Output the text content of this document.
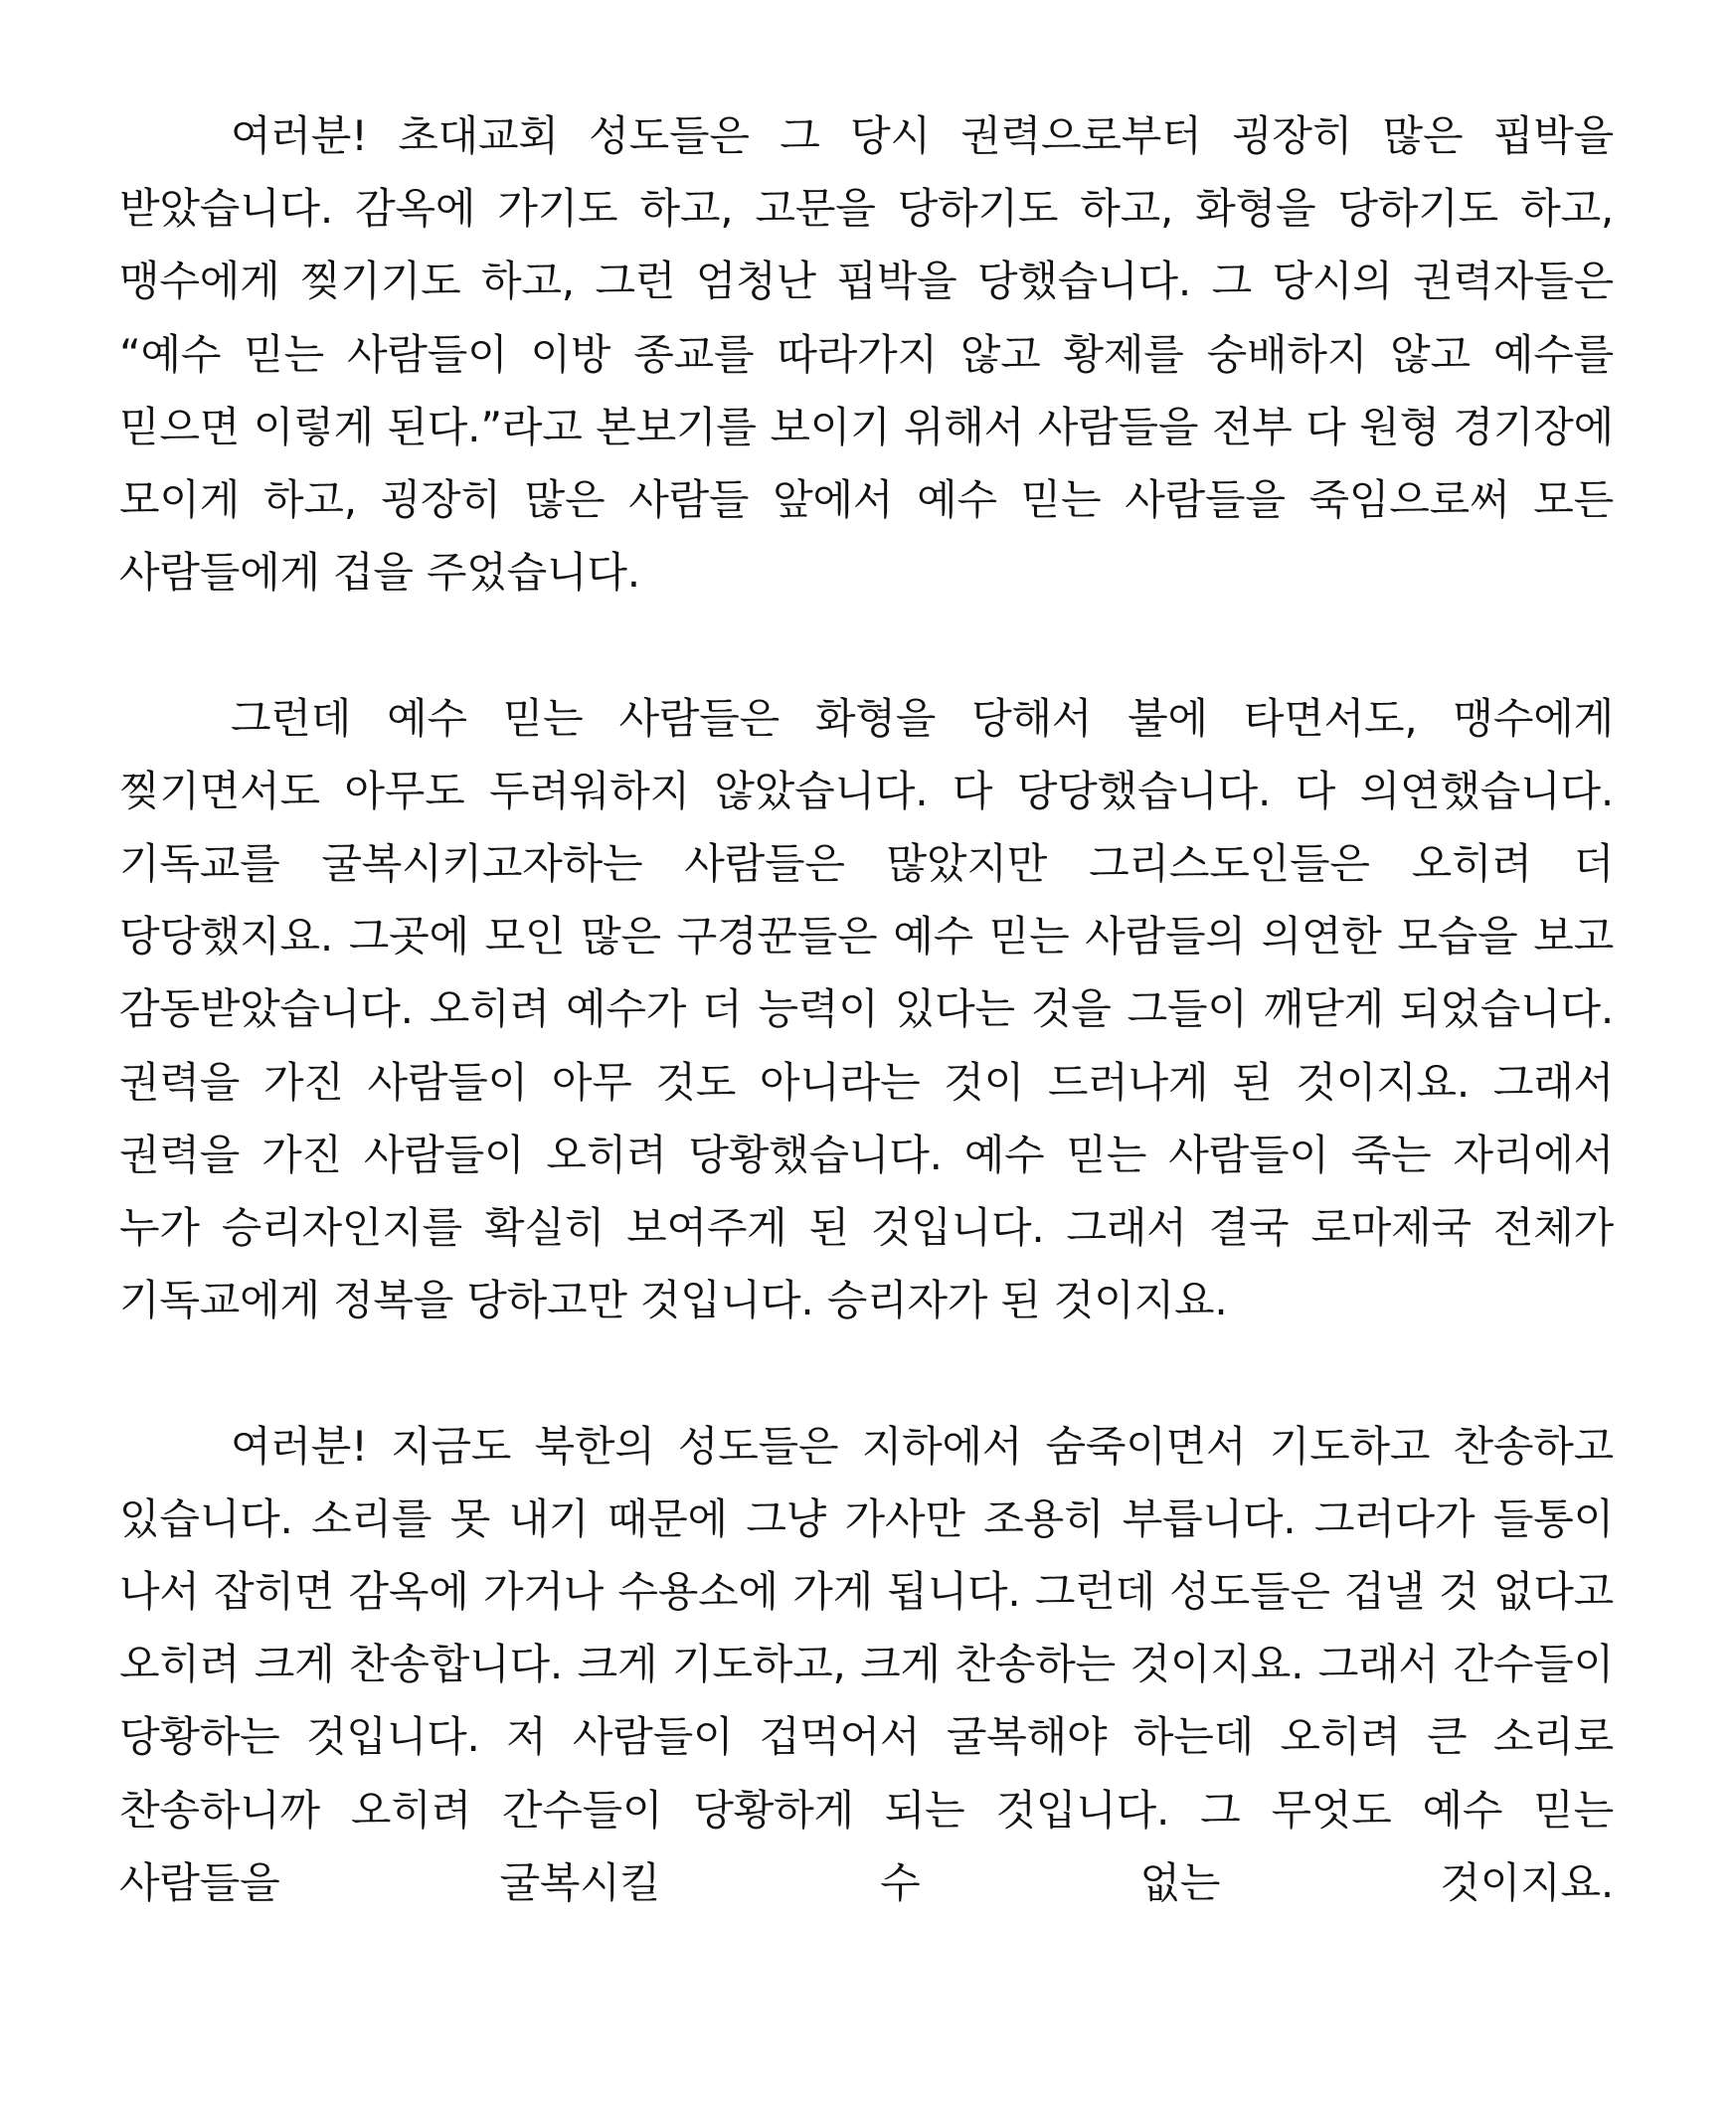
여러분! 초대교회 성도들은 그 당시 권력으로부터 굉장히 많은 핍박을 받았습니다. 감옥에 가기도 하고, 고문을 당하기도 하고, 화형을 당하기도 하고, 맹수에게 찢기기도 하고, 그런 엄청난 핍박을 당했습니다. 그 당시의 권력자들은 “예수 믿는 사람들이 이방 종교를 따라가지 않고 황제를 숭배하지 않고 예수를 믿으면 이렇게 된다.”라고 본보기를 보이기 위해서 사람들을 전부 다 원형 경기장에 모이게 하고, 굉장히 많은 사람들 앞에서 예수 믿는 사람들을 죽임으로써 모든 사람들에게 겁을 주었습니다.

그런데 예수 믿는 사람들은 화형을 당해서 불에 타면서도, 맹수에게 찢기면서도 아무도 두려워하지 않았습니다. 다 당당했습니다. 다 의연했습니다. 기독교를 굴복시키고자하는 사람들은 많았지만 그리스도인들은 오히려 더 당당했지요. 그곳에 모인 많은 구경꾼들은 예수 믿는 사람들의 의연한 모습을 보고 감동받았습니다. 오히려 예수가 더 능력이 있다는 것을 그들이 깨닫게 되었습니다. 권력을 가진 사람들이 아무 것도 아니라는 것이 드러나게 된 것이지요. 그래서 권력을 가진 사람들이 오히려 당황했습니다. 예수 믿는 사람들이 죽는 자리에서 누가 승리자인지를 확실히 보여주게 된 것입니다. 그래서 결국 로마제국 전체가 기독교에게 정복을 당하고만 것입니다. 승리자가 된 것이지요.

여러분! 지금도 북한의 성도들은 지하에서 숨죽이면서 기도하고 찬송하고 있습니다. 소리를 못 내기 때문에 그냥 가사만 조용히 부릅니다. 그러다가 들통이 나서 잡히면 감옥에 가거나 수용소에 가게 됩니다. 그런데 성도들은 겁낼 것 없다고 오히려 크게 찬송합니다. 크게 기도하고, 크게 찬송하는 것이지요. 그래서 간수들이 당황하는 것입니다. 저 사람들이 겁먹어서 굴복해야 하는데 오히려 큰 소리로 찬송하니까 오히려 간수들이 당황하게 되는 것입니다. 그 무엇도 예수 믿는 사람들을 굴복시킬 수 없는 것이지요.
